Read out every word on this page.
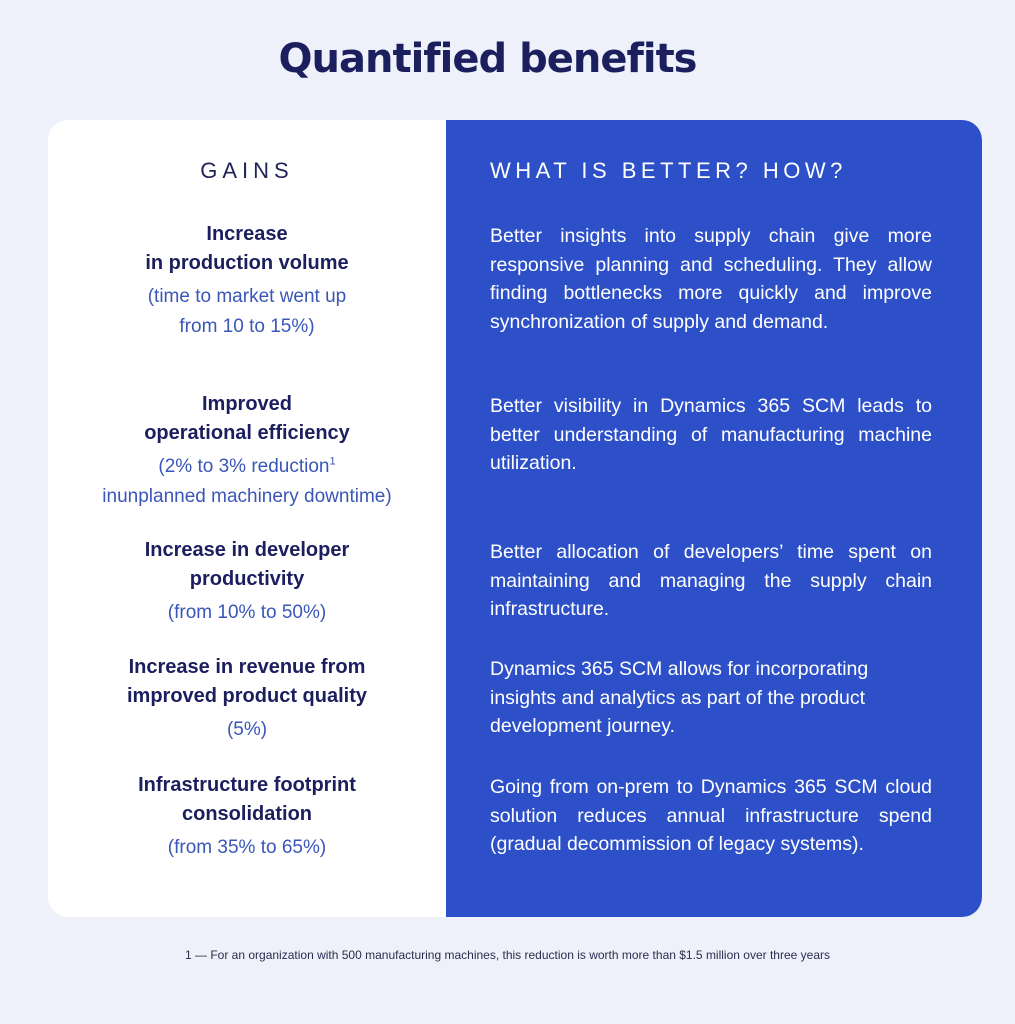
Quantified benefits
GAINS
Increase
in production volume
(time to market went up
from 10 to 15%)
Improved
operational efficiency
(2% to 3% reduction$^1$
inunplanned machinery downtime)
Increase in developer
productivity
(from 10% to 50%)
Increase in revenue from
improved product quality
(5%)
Infrastructure footprint
consolidation
(from 35% to 65%)
WHAT IS BETTER? HOW?
Better insights into supply chain give more responsive planning and scheduling. They allow finding bottlenecks more quickly and improve synchronization of supply and demand.
Better visibility in Dynamics 365 SCM leads to better understanding of manufacturing machine utilization.
Better allocation of developers’ time spent on maintaining and managing the supply chain infrastructure.
Dynamics 365 SCM allows for incorporating insights and analytics as part of the product development journey.
Going from on-prem to Dynamics 365 SCM cloud solution reduces annual infrastructure spend (gradual decommission of legacy systems).

1 — For an organization with 500 manufacturing machines, this reduction is worth more than $1.5 million over three years
